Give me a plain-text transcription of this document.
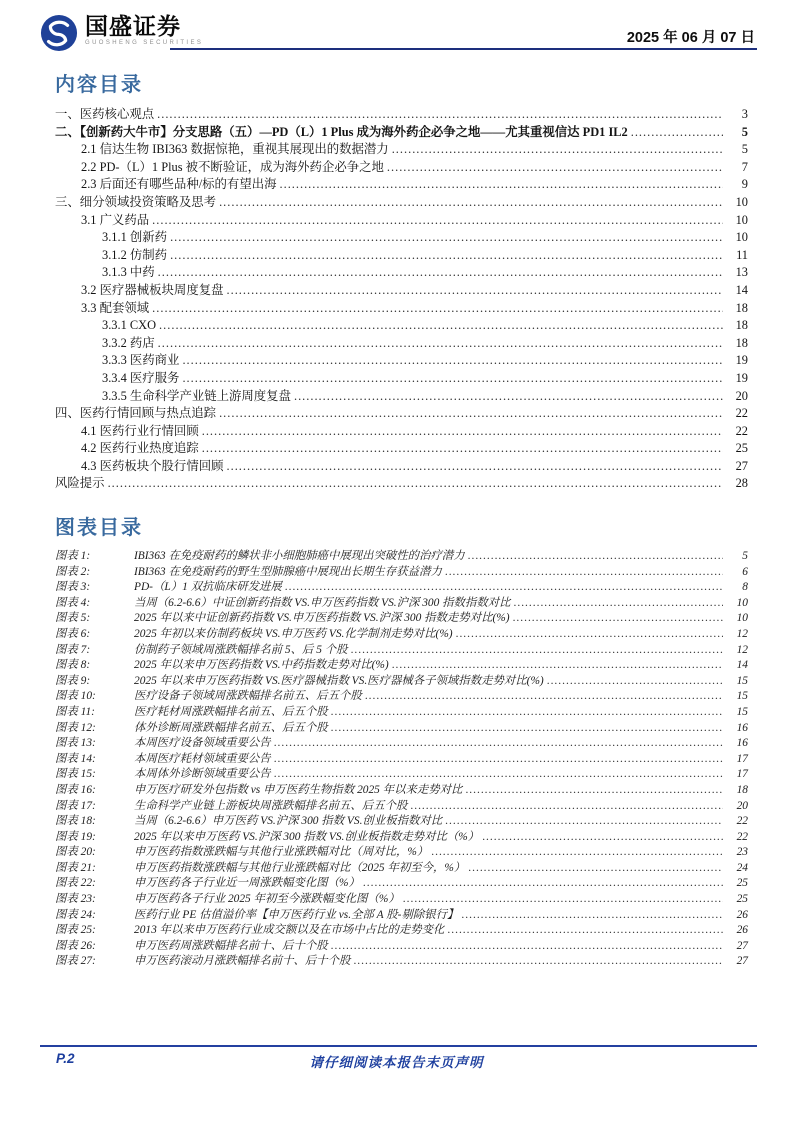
国盛证券
GUOSHENG SECURITIES	2025 年 06 月 07 日
内容目录
一、医药核心观点 .....	3
二、【创新药大牛市】分支思路（五）—PD（L）1 Plus 成为海外药企必争之地——尤其重视信达 PD1 IL2 .....	5
2.1 信达生物 IBI363 数据惊艳，重视其展现出的数据潜力 .....	5
2.2 PD-（L）1 Plus 被不断验证，成为海外药企必争之地 .....	7
2.3 后面还有哪些品种/标的有望出海 .....	9
三、细分领域投资策略及思考 .....	10
3.1 广义药品 .....	10
3.1.1 创新药 .....	10
3.1.2 仿制药 .....	11
3.1.3 中药 .....	13
3.2 医疗器械板块周度复盘 .....	14
3.3 配套领域 .....	18
3.3.1 CXO .....	18
3.3.2 药店 .....	18
3.3.3 医药商业 .....	19
3.3.4 医疗服务 .....	19
3.3.5 生命科学产业链上游周度复盘 .....	20
四、医药行情回顾与热点追踪 .....	22
4.1 医药行业行情回顾 .....	22
4.2 医药行业热度追踪 .....	25
4.3 医药板块个股行情回顾 .....	27
风险提示 .....	28
图表目录
图表 1:	IBI363 在免疫耐药的鳞状非小细胞肺癌中展现出突破性的治疗潜力 .....	5
图表 2:	IBI363 在免疫耐药的野生型肺腺癌中展现出长期生存获益潜力 .....	6
图表 3:	PD-（L）1 双抗临床研发进展 .....	8
图表 4:	当周（6.2-6.6）中证创新药指数 VS.申万医药指数 VS.沪深 300 指数指数对比 .....	10
图表 5:	2025 年以来中证创新药指数 VS.申万医药指数 VS.沪深 300 指数走势对比(%) .....	10
图表 6:	2025 年初以来仿制药板块 VS.申万医药 VS.化学制剂走势对比(%) .....	12
图表 7:	仿制药子领域周涨跌幅排名前 5、后 5 个股 .....	12
图表 8:	2025 年以来申万医药指数 VS.中药指数走势对比(%) .....	14
图表 9:	2025 年以来申万医药指数 VS.医疗器械指数 VS.医疗器械各子领域指数走势对比(%) .....	15
图表 10:	医疗设备子领域周涨跌幅排名前五、后五个股 .....	15
图表 11:	医疗耗材周涨跌幅排名前五、后五个股 .....	15
图表 12:	体外诊断周涨跌幅排名前五、后五个股 .....	16
图表 13:	本周医疗设备领域重要公告 .....	16
图表 14:	本周医疗耗材领域重要公告 .....	17
图表 15:	本周体外诊断领域重要公告 .....	17
图表 16:	申万医疗研发外包指数 vs 申万医药生物指数 2025 年以来走势对比 .....	18
图表 17:	生命科学产业链上游板块周涨跌幅排名前五、后五个股 .....	20
图表 18:	当周（6.2-6.6）申万医药 VS.沪深 300 指数 VS.创业板指数对比 .....	22
图表 19:	2025 年以来申万医药 VS.沪深 300 指数 VS.创业板指数走势对比（%） .....	22
图表 20:	申万医药指数涨跌幅与其他行业涨跌幅对比（周对比，%） .....	23
图表 21:	申万医药指数涨跌幅与其他行业涨跌幅对比（2025 年初至今，%） .....	24
图表 22:	申万医药各子行业近一周涨跌幅变化图（%） .....	25
图表 23:	申万医药各子行业 2025 年初至今涨跌幅变化图（%） .....	25
图表 24:	医药行业 PE 估值溢价率【申万医药行业 vs.全部 A 股-剔除银行】 .....	26
图表 25:	2013 年以来申万医药行业成交额以及在市场中占比的走势变化 .....	26
图表 26:	申万医药周涨跌幅排名前十、后十个股 .....	27
图表 27:	申万医药滚动月涨跌幅排名前十、后十个股 .....	27
P.2	请仔细阅读本报告末页声明
